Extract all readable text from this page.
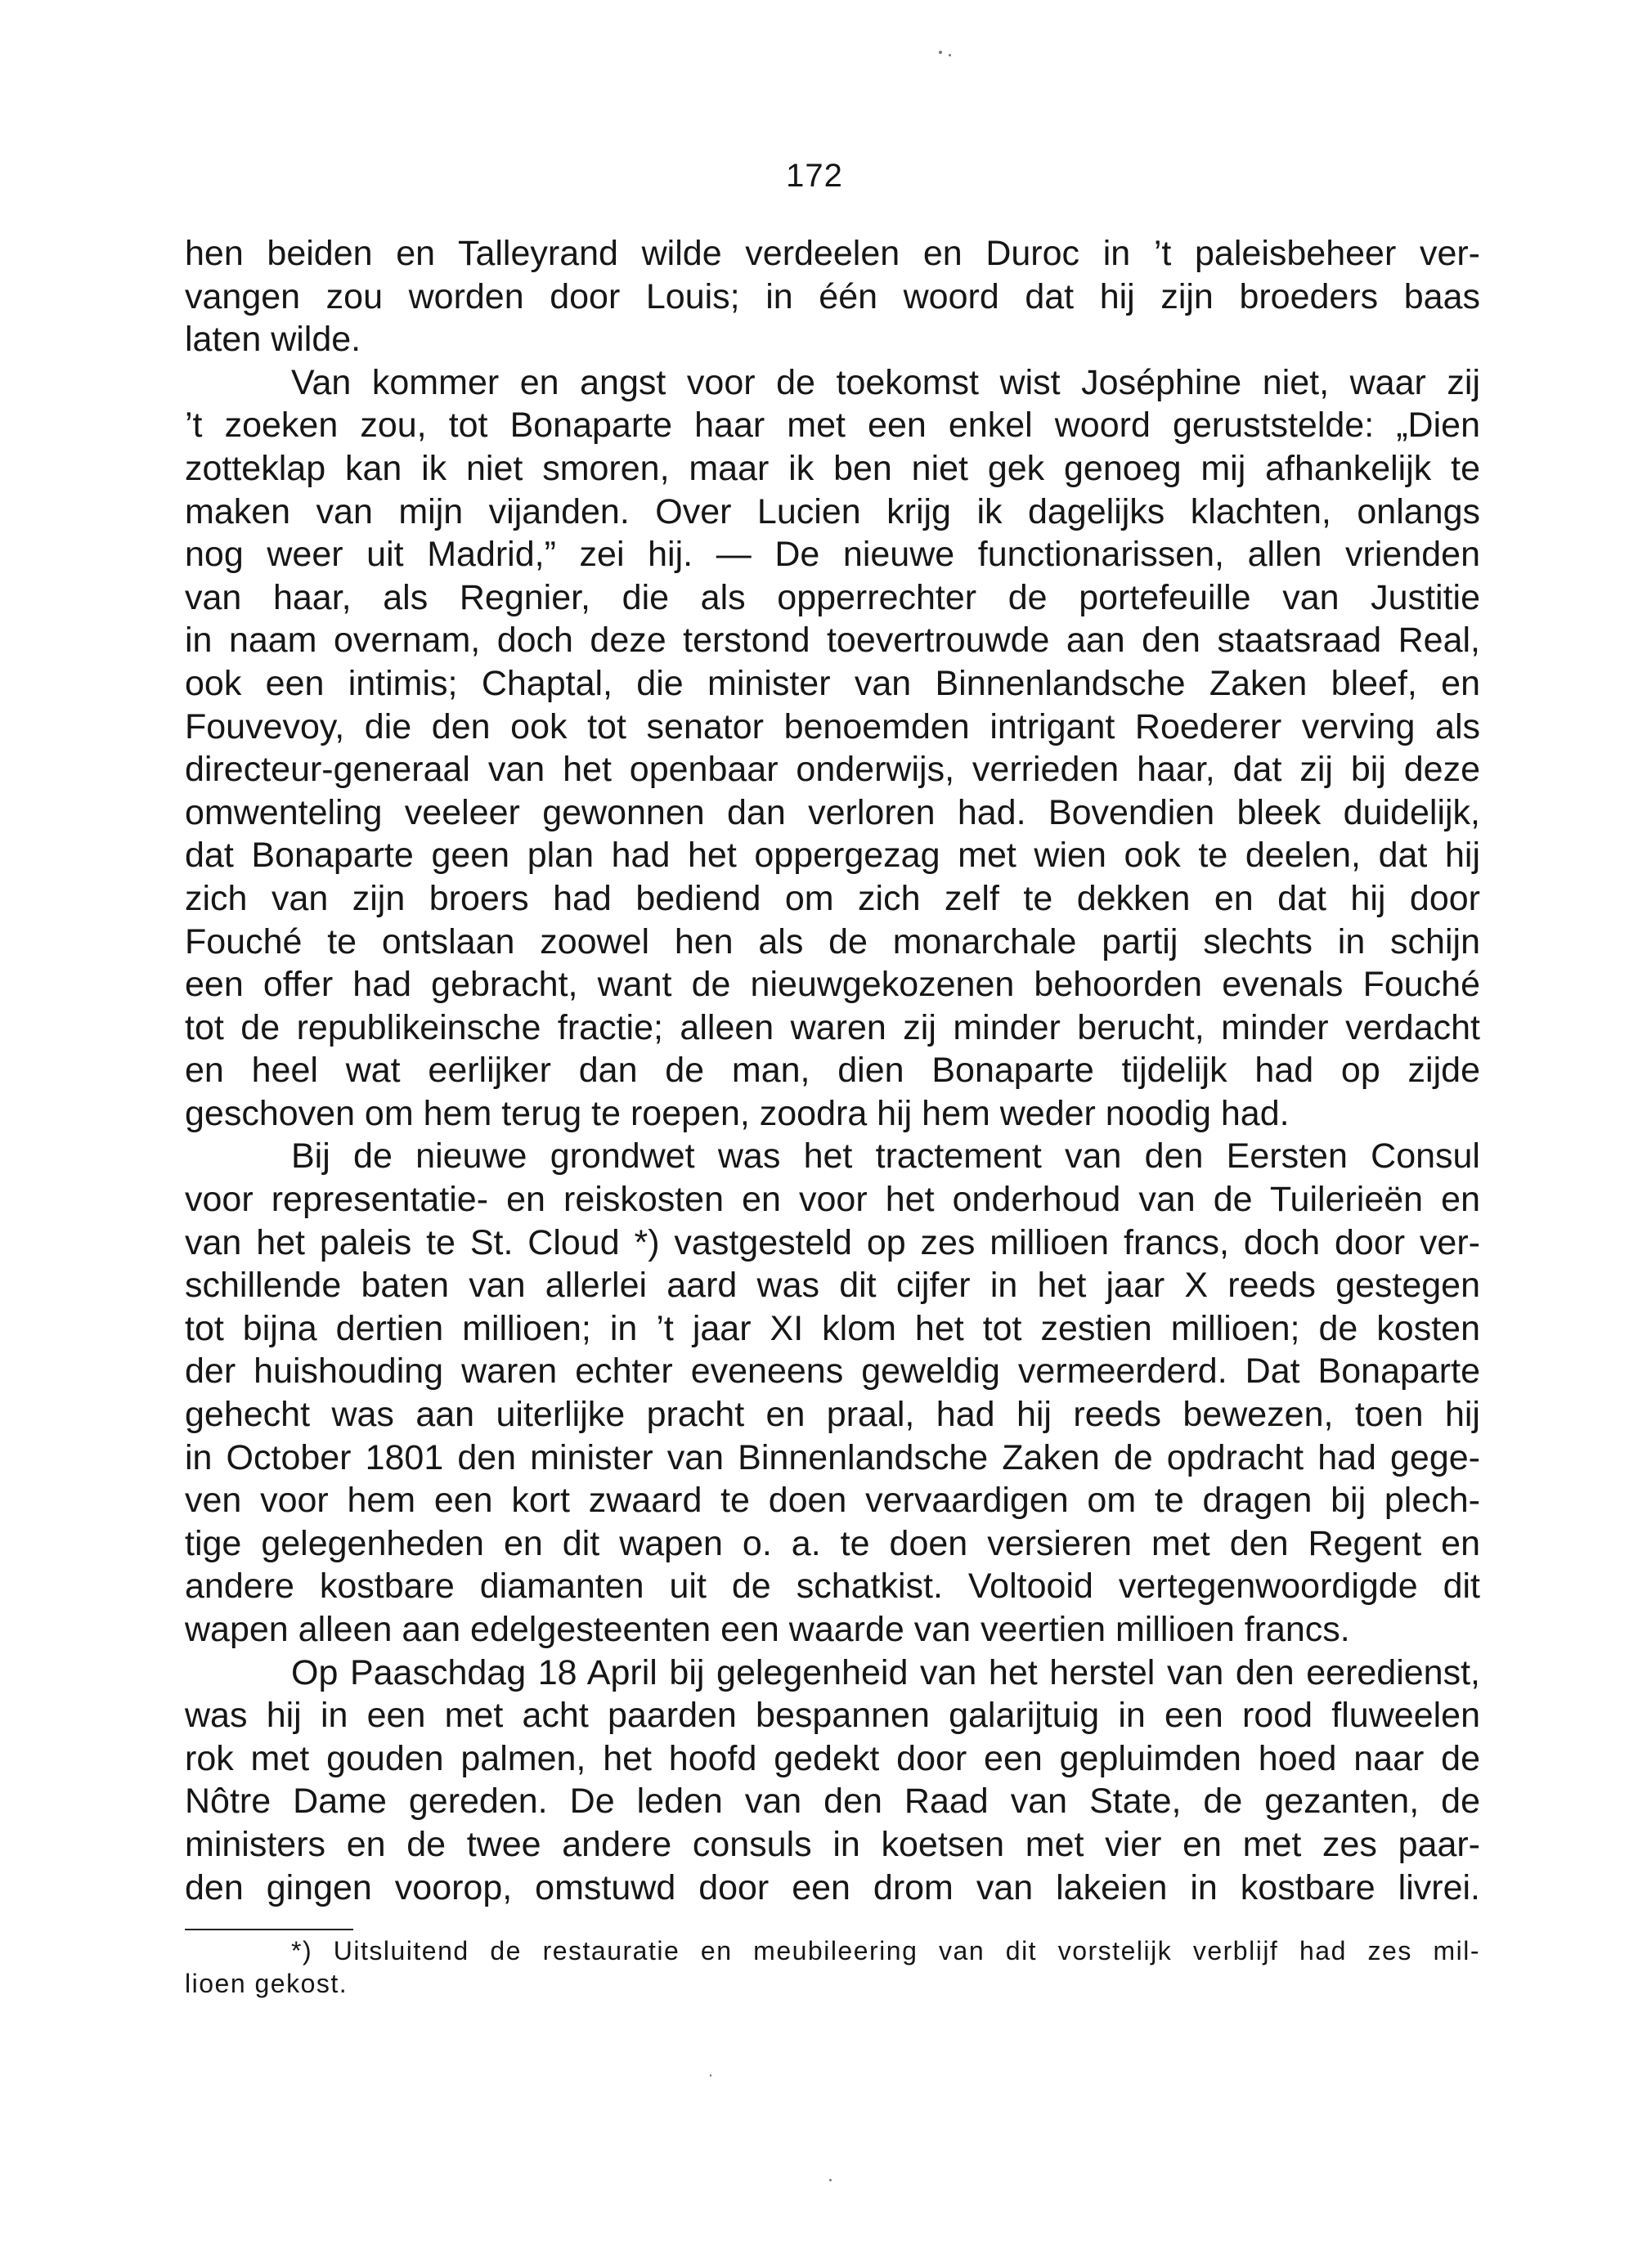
172
hen beiden en Talleyrand wilde verdeelen en Duroc in ’t paleisbeheer ver-
vangen zou worden door Louis; in één woord dat hij zijn broeders baas
laten wilde.
Van kommer en angst voor de toekomst wist Joséphine niet, waar zij
’t zoeken zou, tot Bonaparte haar met een enkel woord geruststelde: „Dien
zotteklap kan ik niet smoren, maar ik ben niet gek genoeg mij afhankelijk te
maken van mijn vijanden. Over Lucien krijg ik dagelijks klachten, onlangs
nog weer uit Madrid,” zei hij. — De nieuwe functionarissen, allen vrienden
van haar, als Regnier, die als opperrechter de portefeuille van Justitie
in naam overnam, doch deze terstond toevertrouwde aan den staatsraad Real,
ook een intimis; Chaptal, die minister van Binnenlandsche Zaken bleef, en
Fouvevoy, die den ook tot senator benoemden intrigant Roederer verving als
directeur-generaal van het openbaar onderwijs, verrieden haar, dat zij bij deze
omwenteling veeleer gewonnen dan verloren had. Bovendien bleek duidelijk,
dat Bonaparte geen plan had het oppergezag met wien ook te deelen, dat hij
zich van zijn broers had bediend om zich zelf te dekken en dat hij door
Fouché te ontslaan zoowel hen als de monarchale partij slechts in schijn
een offer had gebracht, want de nieuwgekozenen behoorden evenals Fouché
tot de republikeinsche fractie; alleen waren zij minder berucht, minder verdacht
en heel wat eerlijker dan de man, dien Bonaparte tijdelijk had op zijde
geschoven om hem terug te roepen, zoodra hij hem weder noodig had.
Bij de nieuwe grondwet was het tractement van den Eersten Consul
voor representatie- en reiskosten en voor het onderhoud van de Tuilerieën en
van het paleis te St. Cloud *) vastgesteld op zes millioen francs, doch door ver-
schillende baten van allerlei aard was dit cijfer in het jaar X reeds gestegen
tot bijna dertien millioen; in ’t jaar XI klom het tot zestien millioen; de kosten
der huishouding waren echter eveneens geweldig vermeerderd. Dat Bonaparte
gehecht was aan uiterlijke pracht en praal, had hij reeds bewezen, toen hij
in October 1801 den minister van Binnenlandsche Zaken de opdracht had gege-
ven voor hem een kort zwaard te doen vervaardigen om te dragen bij plech-
tige gelegenheden en dit wapen o. a. te doen versieren met den Regent en
andere kostbare diamanten uit de schatkist. Voltooid vertegenwoordigde dit
wapen alleen aan edelgesteenten een waarde van veertien millioen francs.
Op Paaschdag 18 April bij gelegenheid van het herstel van den eeredienst,
was hij in een met acht paarden bespannen galarijtuig in een rood fluweelen
rok met gouden palmen, het hoofd gedekt door een gepluimden hoed naar de
Nôtre Dame gereden. De leden van den Raad van State, de gezanten, de
ministers en de twee andere consuls in koetsen met vier en met zes paar-
den gingen voorop, omstuwd door een drom van lakeien in kostbare livrei.
*) Uitsluitend de restauratie en meubileering van dit vorstelijk verblijf had zes mil-
lioen gekost.
